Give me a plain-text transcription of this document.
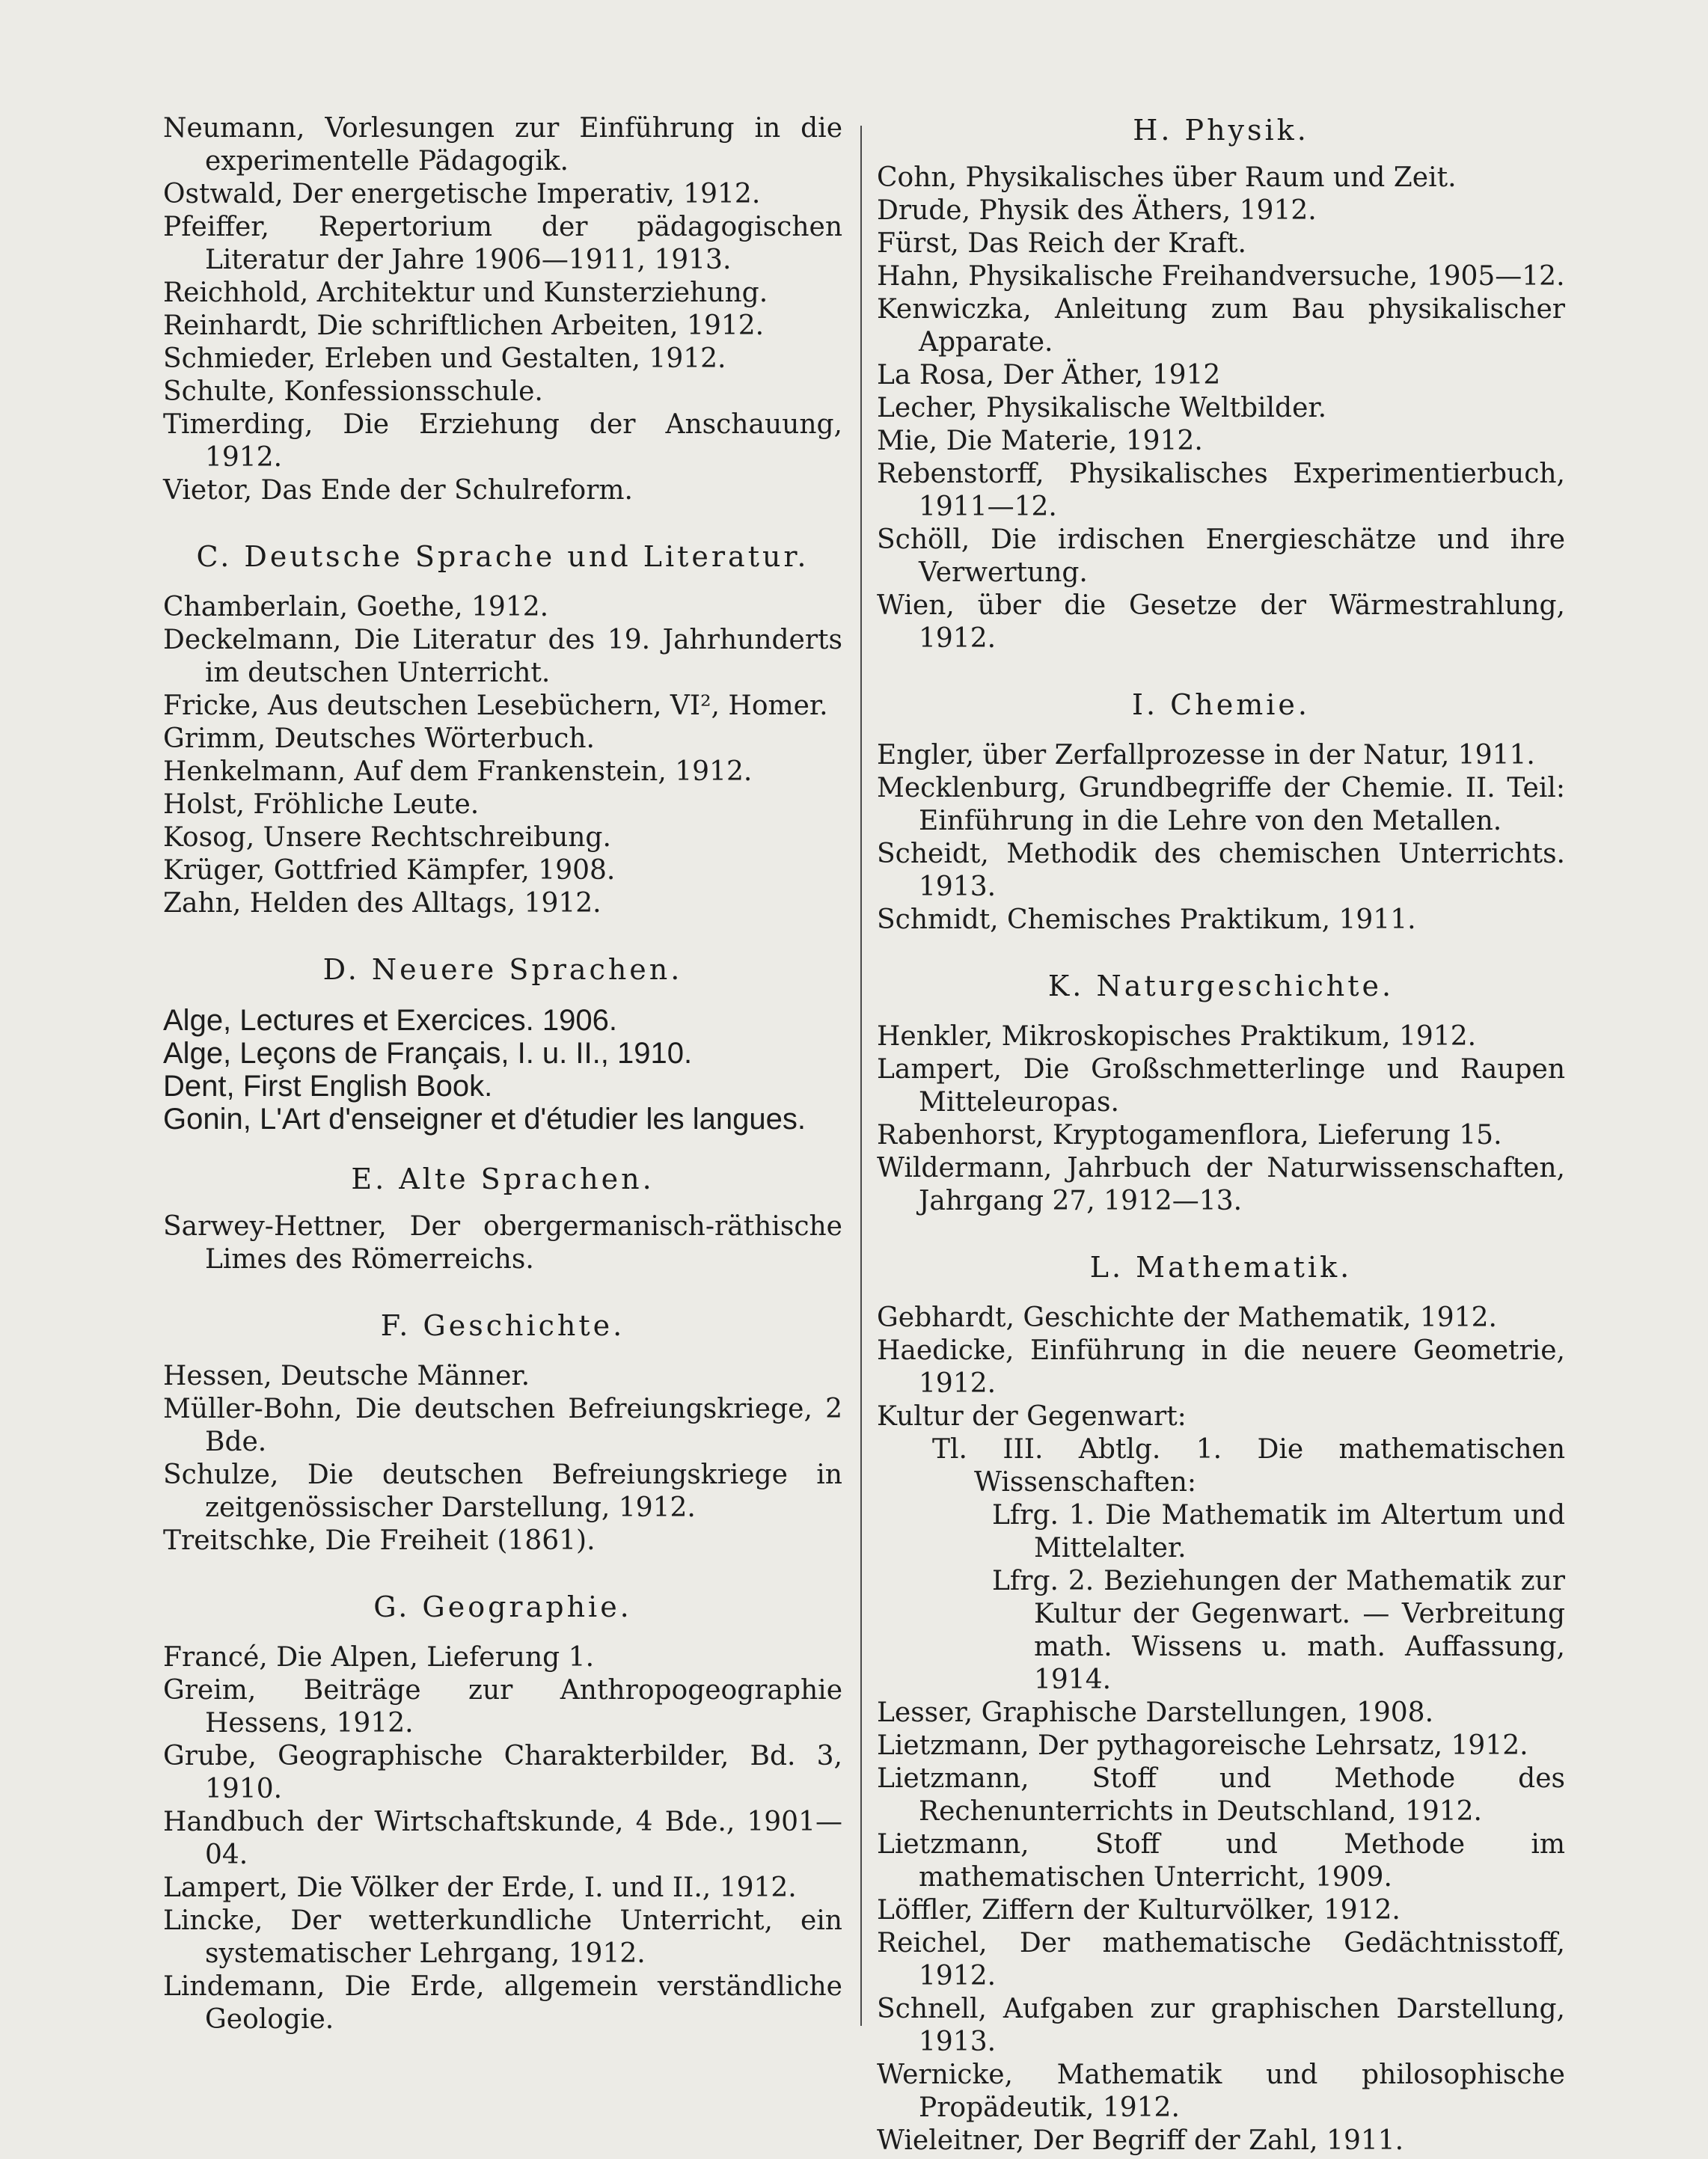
Neumann, Vorlesungen zur Einführung in die experimentelle Pädagogik.
Ostwald, Der energetische Imperativ, 1912.
Pfeiffer, Repertorium der pädagogischen Literatur der Jahre 1906—1911, 1913.
Reichhold, Architektur und Kunsterziehung.
Reinhardt, Die schriftlichen Arbeiten, 1912.
Schmieder, Erleben und Gestalten, 1912.
Schulte, Konfessionsschule.
Timerding, Die Erziehung der Anschauung, 1912.
Vietor, Das Ende der Schulreform.
C. Deutsche Sprache und Literatur.
Chamberlain, Goethe, 1912.
Deckelmann, Die Literatur des 19. Jahrhunderts im deutschen Unterricht.
Fricke, Aus deutschen Lesebüchern, VI², Homer.
Grimm, Deutsches Wörterbuch.
Henkelmann, Auf dem Frankenstein, 1912.
Holst, Fröhliche Leute.
Kosog, Unsere Rechtschreibung.
Krüger, Gottfried Kämpfer, 1908.
Zahn, Helden des Alltags, 1912.
D. Neuere Sprachen.
Alge, Lectures et Exercices. 1906.
Alge, Leçons de Français, I. u. II., 1910.
Dent, First English Book.
Gonin, L'Art d'enseigner et d'étudier les langues.
E. Alte Sprachen.
Sarwey-Hettner, Der obergermanisch-räthische Limes des Römerreichs.
F. Geschichte.
Hessen, Deutsche Männer.
Müller-Bohn, Die deutschen Befreiungskriege, 2 Bde.
Schulze, Die deutschen Befreiungskriege in zeitgenössischer Darstellung, 1912.
Treitschke, Die Freiheit (1861).
G. Geographie.
Francé, Die Alpen, Lieferung 1.
Greim, Beiträge zur Anthropogeographie Hessens, 1912.
Grube, Geographische Charakterbilder, Bd. 3, 1910.
Handbuch der Wirtschaftskunde, 4 Bde., 1901—04.
Lampert, Die Völker der Erde, I. und II., 1912.
Lincke, Der wetterkundliche Unterricht, ein systematischer Lehrgang, 1912.
Lindemann, Die Erde, allgemein verständliche Geologie.
H. Physik.
Cohn, Physikalisches über Raum und Zeit.
Drude, Physik des Äthers, 1912.
Fürst, Das Reich der Kraft.
Hahn, Physikalische Freihandversuche, 1905—12.
Kenwiczka, Anleitung zum Bau physikalischer Apparate.
La Rosa, Der Äther, 1912
Lecher, Physikalische Weltbilder.
Mie, Die Materie, 1912.
Rebenstorff, Physikalisches Experimentierbuch, 1911—12.
Schöll, Die irdischen Energieschätze und ihre Verwertung.
Wien, über die Gesetze der Wärmestrahlung, 1912.
I. Chemie.
Engler, über Zerfallprozesse in der Natur, 1911.
Mecklenburg, Grundbegriffe der Chemie. II. Teil: Einführung in die Lehre von den Metallen.
Scheidt, Methodik des chemischen Unterrichts. 1913.
Schmidt, Chemisches Praktikum, 1911.
K. Naturgeschichte.
Henkler, Mikroskopisches Praktikum, 1912.
Lampert, Die Großschmetterlinge und Raupen Mitteleuropas.
Rabenhorst, Kryptogamenflora, Lieferung 15.
Wildermann, Jahrbuch der Naturwissenschaften, Jahrgang 27, 1912—13.
L. Mathematik.
Gebhardt, Geschichte der Mathematik, 1912.
Haedicke, Einführung in die neuere Geometrie, 1912.
Kultur der Gegenwart:
Tl. III. Abtlg. 1. Die mathematischen Wissenschaften:
Lfrg. 1. Die Mathematik im Altertum und Mittelalter.
Lfrg. 2. Beziehungen der Mathematik zur Kultur der Gegenwart. — Verbreitung math. Wissens u. math. Auffassung, 1914.
Lesser, Graphische Darstellungen, 1908.
Lietzmann, Der pythagoreische Lehrsatz, 1912.
Lietzmann, Stoff und Methode des Rechenunterrichts in Deutschland, 1912.
Lietzmann, Stoff und Methode im mathematischen Unterricht, 1909.
Löffler, Ziffern der Kulturvölker, 1912.
Reichel, Der mathematische Gedächtnisstoff, 1912.
Schnell, Aufgaben zur graphischen Darstellung, 1913.
Wernicke, Mathematik und philosophische Propädeutik, 1912.
Wieleitner, Der Begriff der Zahl, 1911.
